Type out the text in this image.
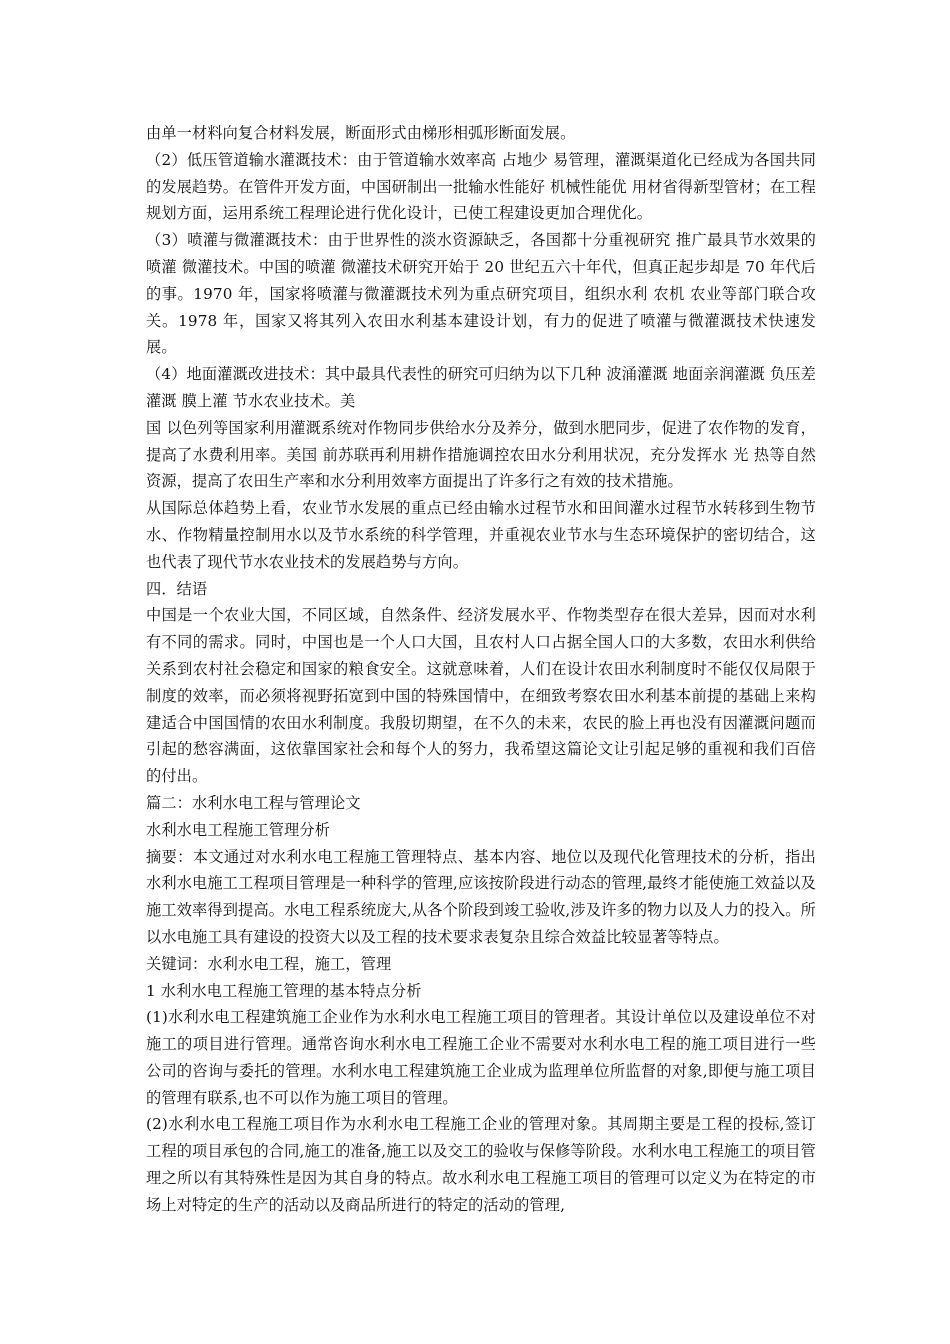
由单一材料向复合材料发展，断面形式由梯形相弧形断面发展。

（2）低压管道输水灌溉技术：由于管道输水效率高 占地少 易管理，灌溉渠道化已经成为各国共同的发展趋势。在管件开发方面，中国研制出一批输水性能好 机械性能优 用材省得新型管材；在工程规划方面，运用系统工程理论进行优化设计，已使工程建设更加合理优化。

（3）喷灌与微灌溉技术：由于世界性的淡水资源缺乏，各国都十分重视研究 推广最具节水效果的喷灌 微灌技术。中国的喷灌 微灌技术研究开始于 20 世纪五六十年代，但真正起步却是 70 年代后的事。1970 年，国家将喷灌与微灌溉技术列为重点研究项目，组织水利 农机 农业等部门联合攻关。1978 年，国家又将其列入农田水利基本建设计划，有力的促进了喷灌与微灌溉技术快速发展。

（4）地面灌溉改进技术：其中最具代表性的研究可归纳为以下几种 波涌灌溉 地面亲润灌溉 负压差灌溉 膜上灌 节水农业技术。美

国 以色列等国家利用灌溉系统对作物同步供给水分及养分，做到水肥同步，促进了农作物的发育，提高了水费利用率。美国 前苏联再利用耕作措施调控农田水分利用状况，充分发挥水 光 热等自然资源，提高了农田生产率和水分利用效率方面提出了许多行之有效的技术措施。

从国际总体趋势上看，农业节水发展的重点已经由输水过程节水和田间灌水过程节水转移到生物节水、作物精量控制用水以及节水系统的科学管理，并重视农业节水与生态环境保护的密切结合，这也代表了现代节水农业技术的发展趋势与方向。

四．结语

中国是一个农业大国，不同区域，自然条件、经济发展水平、作物类型存在很大差异，因而对水利有不同的需求。同时，中国也是一个人口大国，且农村人口占据全国人口的大多数，农田水利供给关系到农村社会稳定和国家的粮食安全。这就意味着，人们在设计农田水利制度时不能仅仅局限于制度的效率，而必须将视野拓宽到中国的特殊国情中，在细致考察农田水利基本前提的基础上来构建适合中国国情的农田水利制度。我殷切期望，在不久的未来，农民的脸上再也没有因灌溉问题而引起的愁容满面，这依靠国家社会和每个人的努力，我希望这篇论文让引起足够的重视和我们百倍的付出。

篇二：水利水电工程与管理论文

水利水电工程施工管理分析

摘要：本文通过对水利水电工程施工管理特点、基本内容、地位以及现代化管理技术的分析，指出水利水电施工工程项目管理是一种科学的管理,应该按阶段进行动态的管理,最终才能使施工效益以及施工效率得到提高。水电工程系统庞大,从各个阶段到竣工验收,涉及许多的物力以及人力的投入。所以水电施工具有建设的投资大以及工程的技术要求表复杂且综合效益比较显著等特点。

关键词：水利水电工程，施工，管理

1 水利水电工程施工管理的基本特点分析

(1)水利水电工程建筑施工企业作为水利水电工程施工项目的管理者。其设计单位以及建设单位不对施工的项目进行管理。通常咨询水利水电工程施工企业不需要对水利水电工程的施工项目进行一些公司的咨询与委托的管理。水利水电工程建筑施工企业成为监理单位所监督的对象,即便与施工项目的管理有联系,也不可以作为施工项目的管理。

(2)水利水电工程施工项目作为水利水电工程施工企业的管理对象。其周期主要是工程的投标,签订工程的项目承包的合同,施工的准备,施工以及交工的验收与保修等阶段。水利水电工程施工的项目管理之所以有其特殊性是因为其自身的特点。故水利水电工程施工项目的管理可以定义为在特定的市场上对特定的生产的活动以及商品所进行的特定的活动的管理,
